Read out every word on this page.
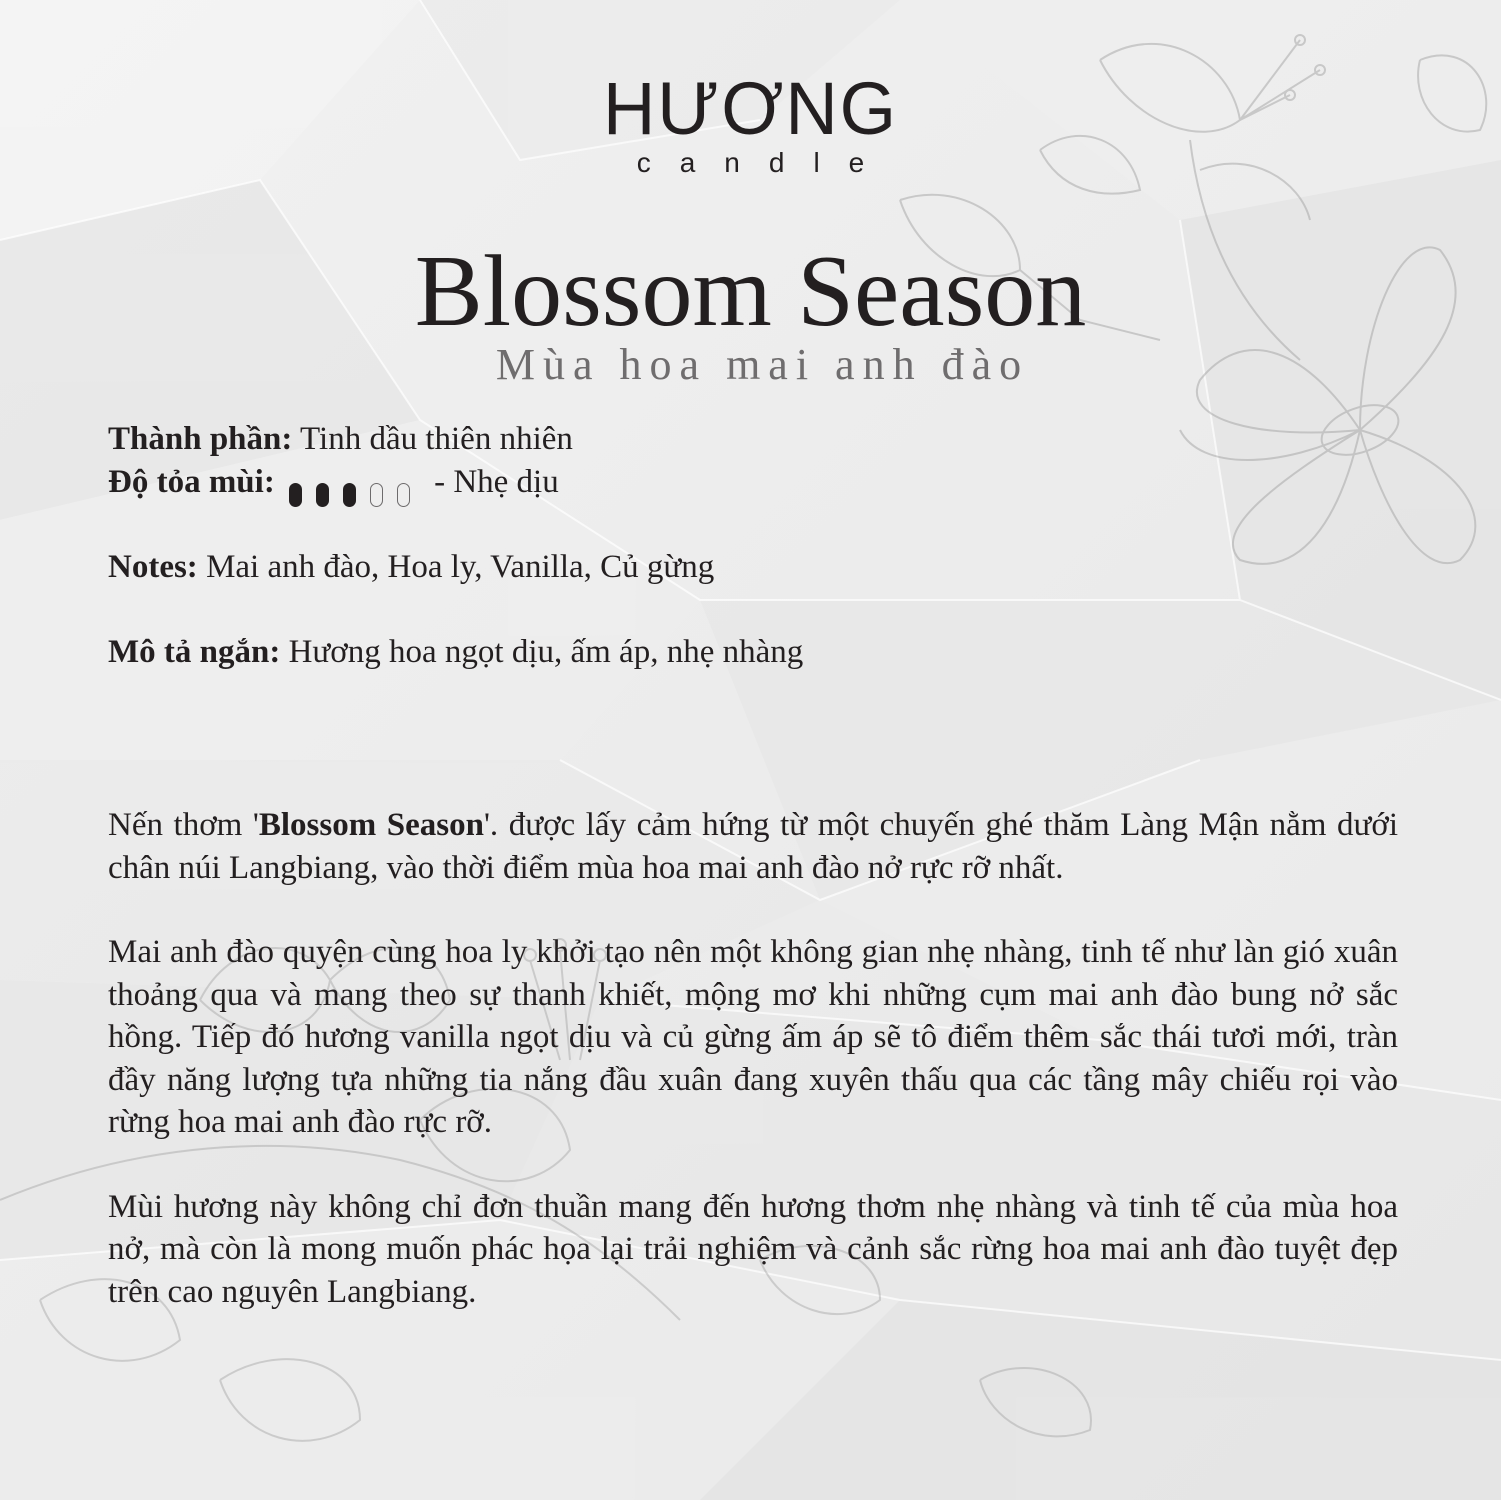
HƯƠNG
candle
Blossom Season
Mùa hoa mai anh đào
Thành phần: Tinh dầu thiên nhiên
Độ tỏa mùi:	- Nhẹ dịu
Notes: Mai anh đào, Hoa ly, Vanilla, Củ gừng
Mô tả ngắn: Hương hoa ngọt dịu, ấm áp, nhẹ nhàng

Nến thơm 'Blossom Season'. được lấy cảm hứng từ một chuyến ghé thăm Làng Mận nằm dưới chân núi Langbiang, vào thời điểm mùa hoa mai anh đào nở rực rỡ nhất.

Mai anh đào quyện cùng hoa ly khởi tạo nên một không gian nhẹ nhàng, tinh tế như làn gió xuân thoảng qua và mang theo sự thanh khiết, mộng mơ khi những cụm mai anh đào bung nở sắc hồng. Tiếp đó hương vanilla ngọt dịu và củ gừng ấm áp sẽ tô điểm thêm sắc thái tươi mới, tràn đầy năng lượng tựa những tia nắng đầu xuân đang xuyên thấu qua các tầng mây chiếu rọi vào rừng hoa mai anh đào rực rỡ.

Mùi hương này không chỉ đơn thuần mang đến hương thơm nhẹ nhàng và tinh tế của mùa hoa nở, mà còn là mong muốn phác họa lại trải nghiệm và cảnh sắc rừng hoa mai anh đào tuyệt đẹp trên cao nguyên Langbiang.
